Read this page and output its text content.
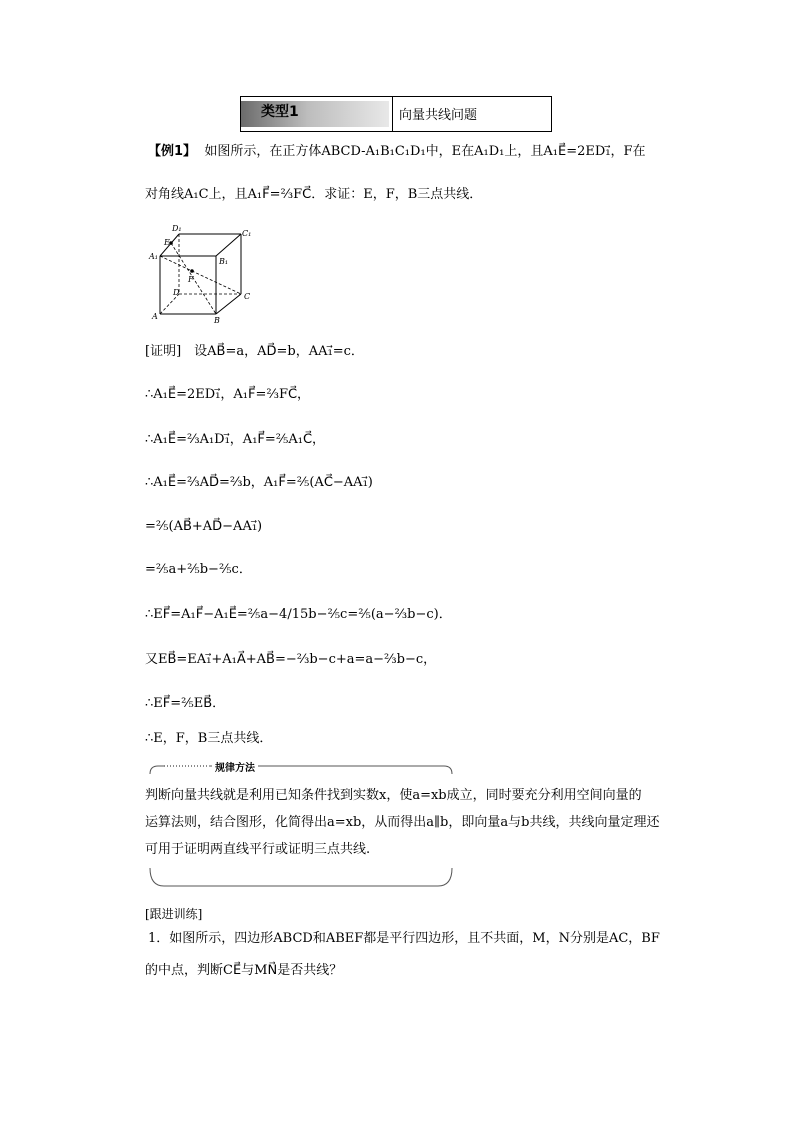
类型1	向量共线问题
【例1】 如图所示，在正方体ABCD-A₁B₁C₁D₁中，E在A₁D₁上，且A₁E⃗=2ED₁⃗，F在
对角线A₁C上，且A₁F⃗=⅔FC⃗．求证：E，F，B三点共线．
D₁
C₁
E
A₁
B₁
F
D	C
A	B
[证明]　设AB⃗=a，AD⃗=b，AA₁⃗=c．
∴A₁E⃗=2ED₁⃗，A₁F⃗=⅔FC⃗，
∴A₁E⃗=⅔A₁D₁⃗，A₁F⃗=⅖A₁C⃗，
∴A₁E⃗=⅔AD⃗=⅔b，A₁F⃗=⅖(AC⃗−AA₁⃗)
=⅖(AB⃗+AD⃗−AA₁⃗)
=⅖a+⅖b−⅖c．
∴EF⃗=A₁F⃗−A₁E⃗=⅖a−4/15b−⅖c=⅖(a−⅔b−c)．
又EB⃗=EA₁⃗+A₁A⃗+AB⃗=−⅔b−c+a=a−⅔b−c，
∴EF⃗=⅖EB⃗．
∴E，F，B三点共线．
规律方法
判断向量共线就是利用已知条件找到实数x，使a=xb成立，同时要充分利用空间向量的
运算法则，结合图形，化简得出a=xb，从而得出a∥b，即向量a与b共线，共线向量定理还
可用于证明两直线平行或证明三点共线.
[跟进训练]
1．如图所示，四边形ABCD和ABEF都是平行四边形，且不共面，M，N分别是AC，BF
的中点，判断CE⃗与MN⃗是否共线？
